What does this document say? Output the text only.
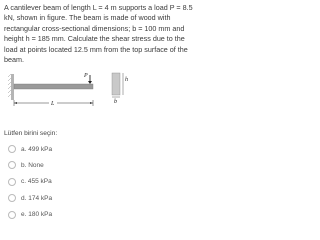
A cantilever beam of length L = 4 m supports a load P = 8.5 kN, shown in figure. The beam is made of wood with rectangular cross-sectional dimensions; b = 100 mm and height h = 185 mm. Calculate the shear stress due to the load at points located 12.5 mm from the top surface of the beam.

P
L
h
b
Lütfen birini seçin:
a. 499 kPa
b. None
c. 455 kPa
d. 174 kPa
e. 180 kPa
